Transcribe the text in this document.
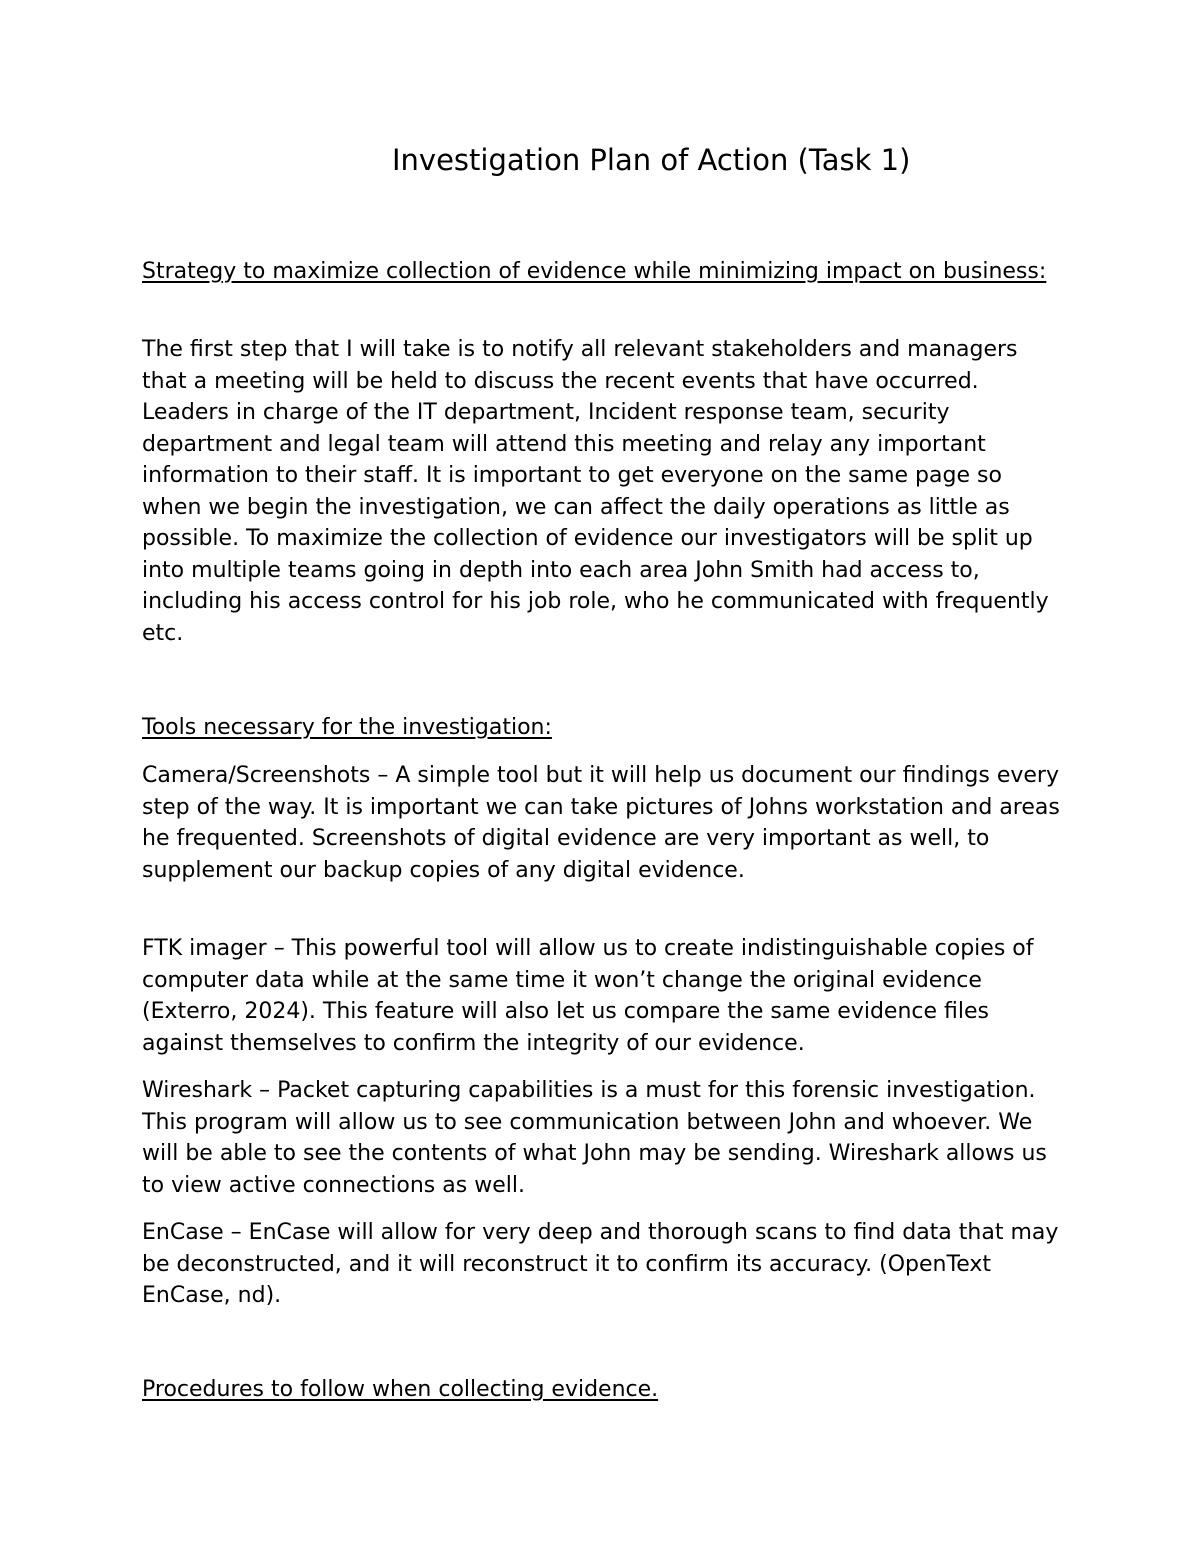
Investigation Plan of Action (Task 1)

Strategy to maximize collection of evidence while minimizing impact on business:

The first step that I will take is to notify all relevant stakeholders and managers that a meeting will be held to discuss the recent events that have occurred. Leaders in charge of the IT department, Incident response team, security department and legal team will attend this meeting and relay any important information to their staff. It is important to get everyone on the same page so when we begin the investigation, we can affect the daily operations as little as possible. To maximize the collection of evidence our investigators will be split up into multiple teams going in depth into each area John Smith had access to, including his access control for his job role, who he communicated with frequently etc.

Tools necessary for the investigation:

Camera/Screenshots – A simple tool but it will help us document our findings every step of the way. It is important we can take pictures of Johns workstation and areas he frequented. Screenshots of digital evidence are very important as well, to supplement our backup copies of any digital evidence.

FTK imager – This powerful tool will allow us to create indistinguishable copies of computer data while at the same time it won’t change the original evidence (Exterro, 2024). This feature will also let us compare the same evidence files against themselves to confirm the integrity of our evidence.

Wireshark – Packet capturing capabilities is a must for this forensic investigation. This program will allow us to see communication between John and whoever. We will be able to see the contents of what John may be sending. Wireshark allows us to view active connections as well.

EnCase – EnCase will allow for very deep and thorough scans to find data that may be deconstructed, and it will reconstruct it to confirm its accuracy. (OpenText EnCase, nd).

Procedures to follow when collecting evidence.
